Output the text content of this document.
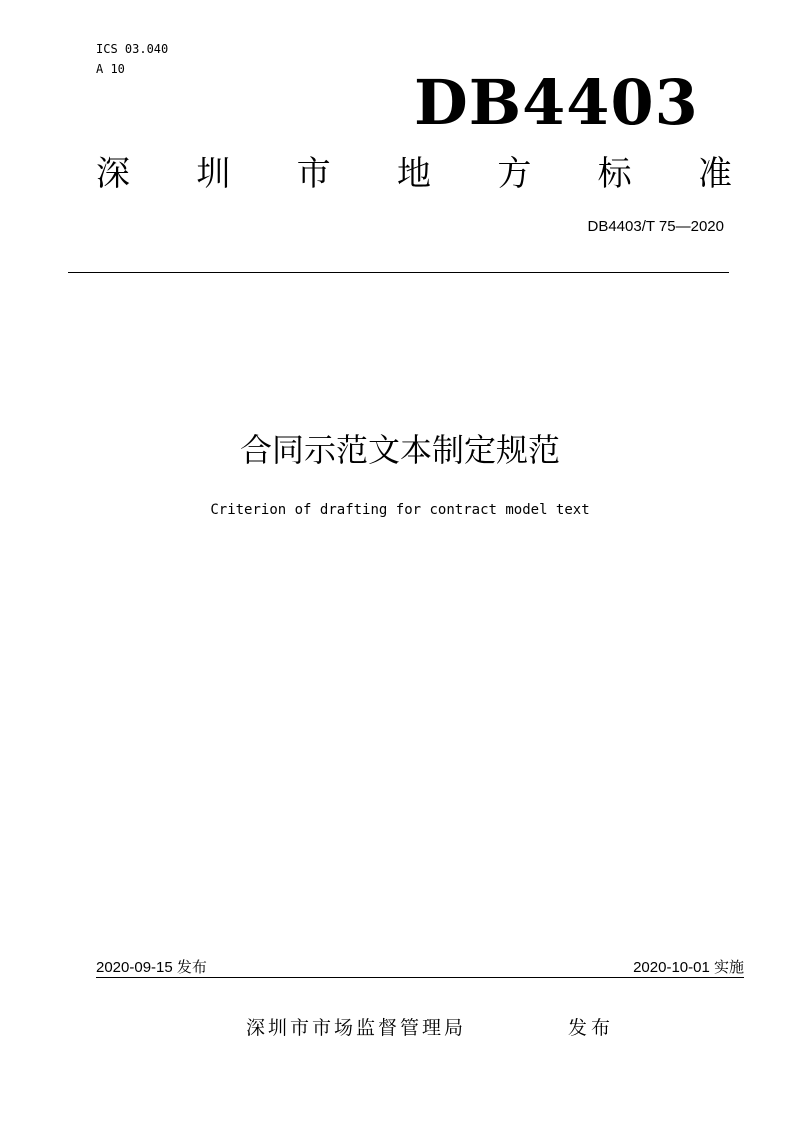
ICS 03.040
A 10	DB4403
深 圳 市 地 方 标 准
DB4403/T 75—2020
合同示范文本制定规范
Criterion of drafting for contract model text
2020-09-15 发布	2020-10-01 实施
深圳市市场监督管理局	发布
